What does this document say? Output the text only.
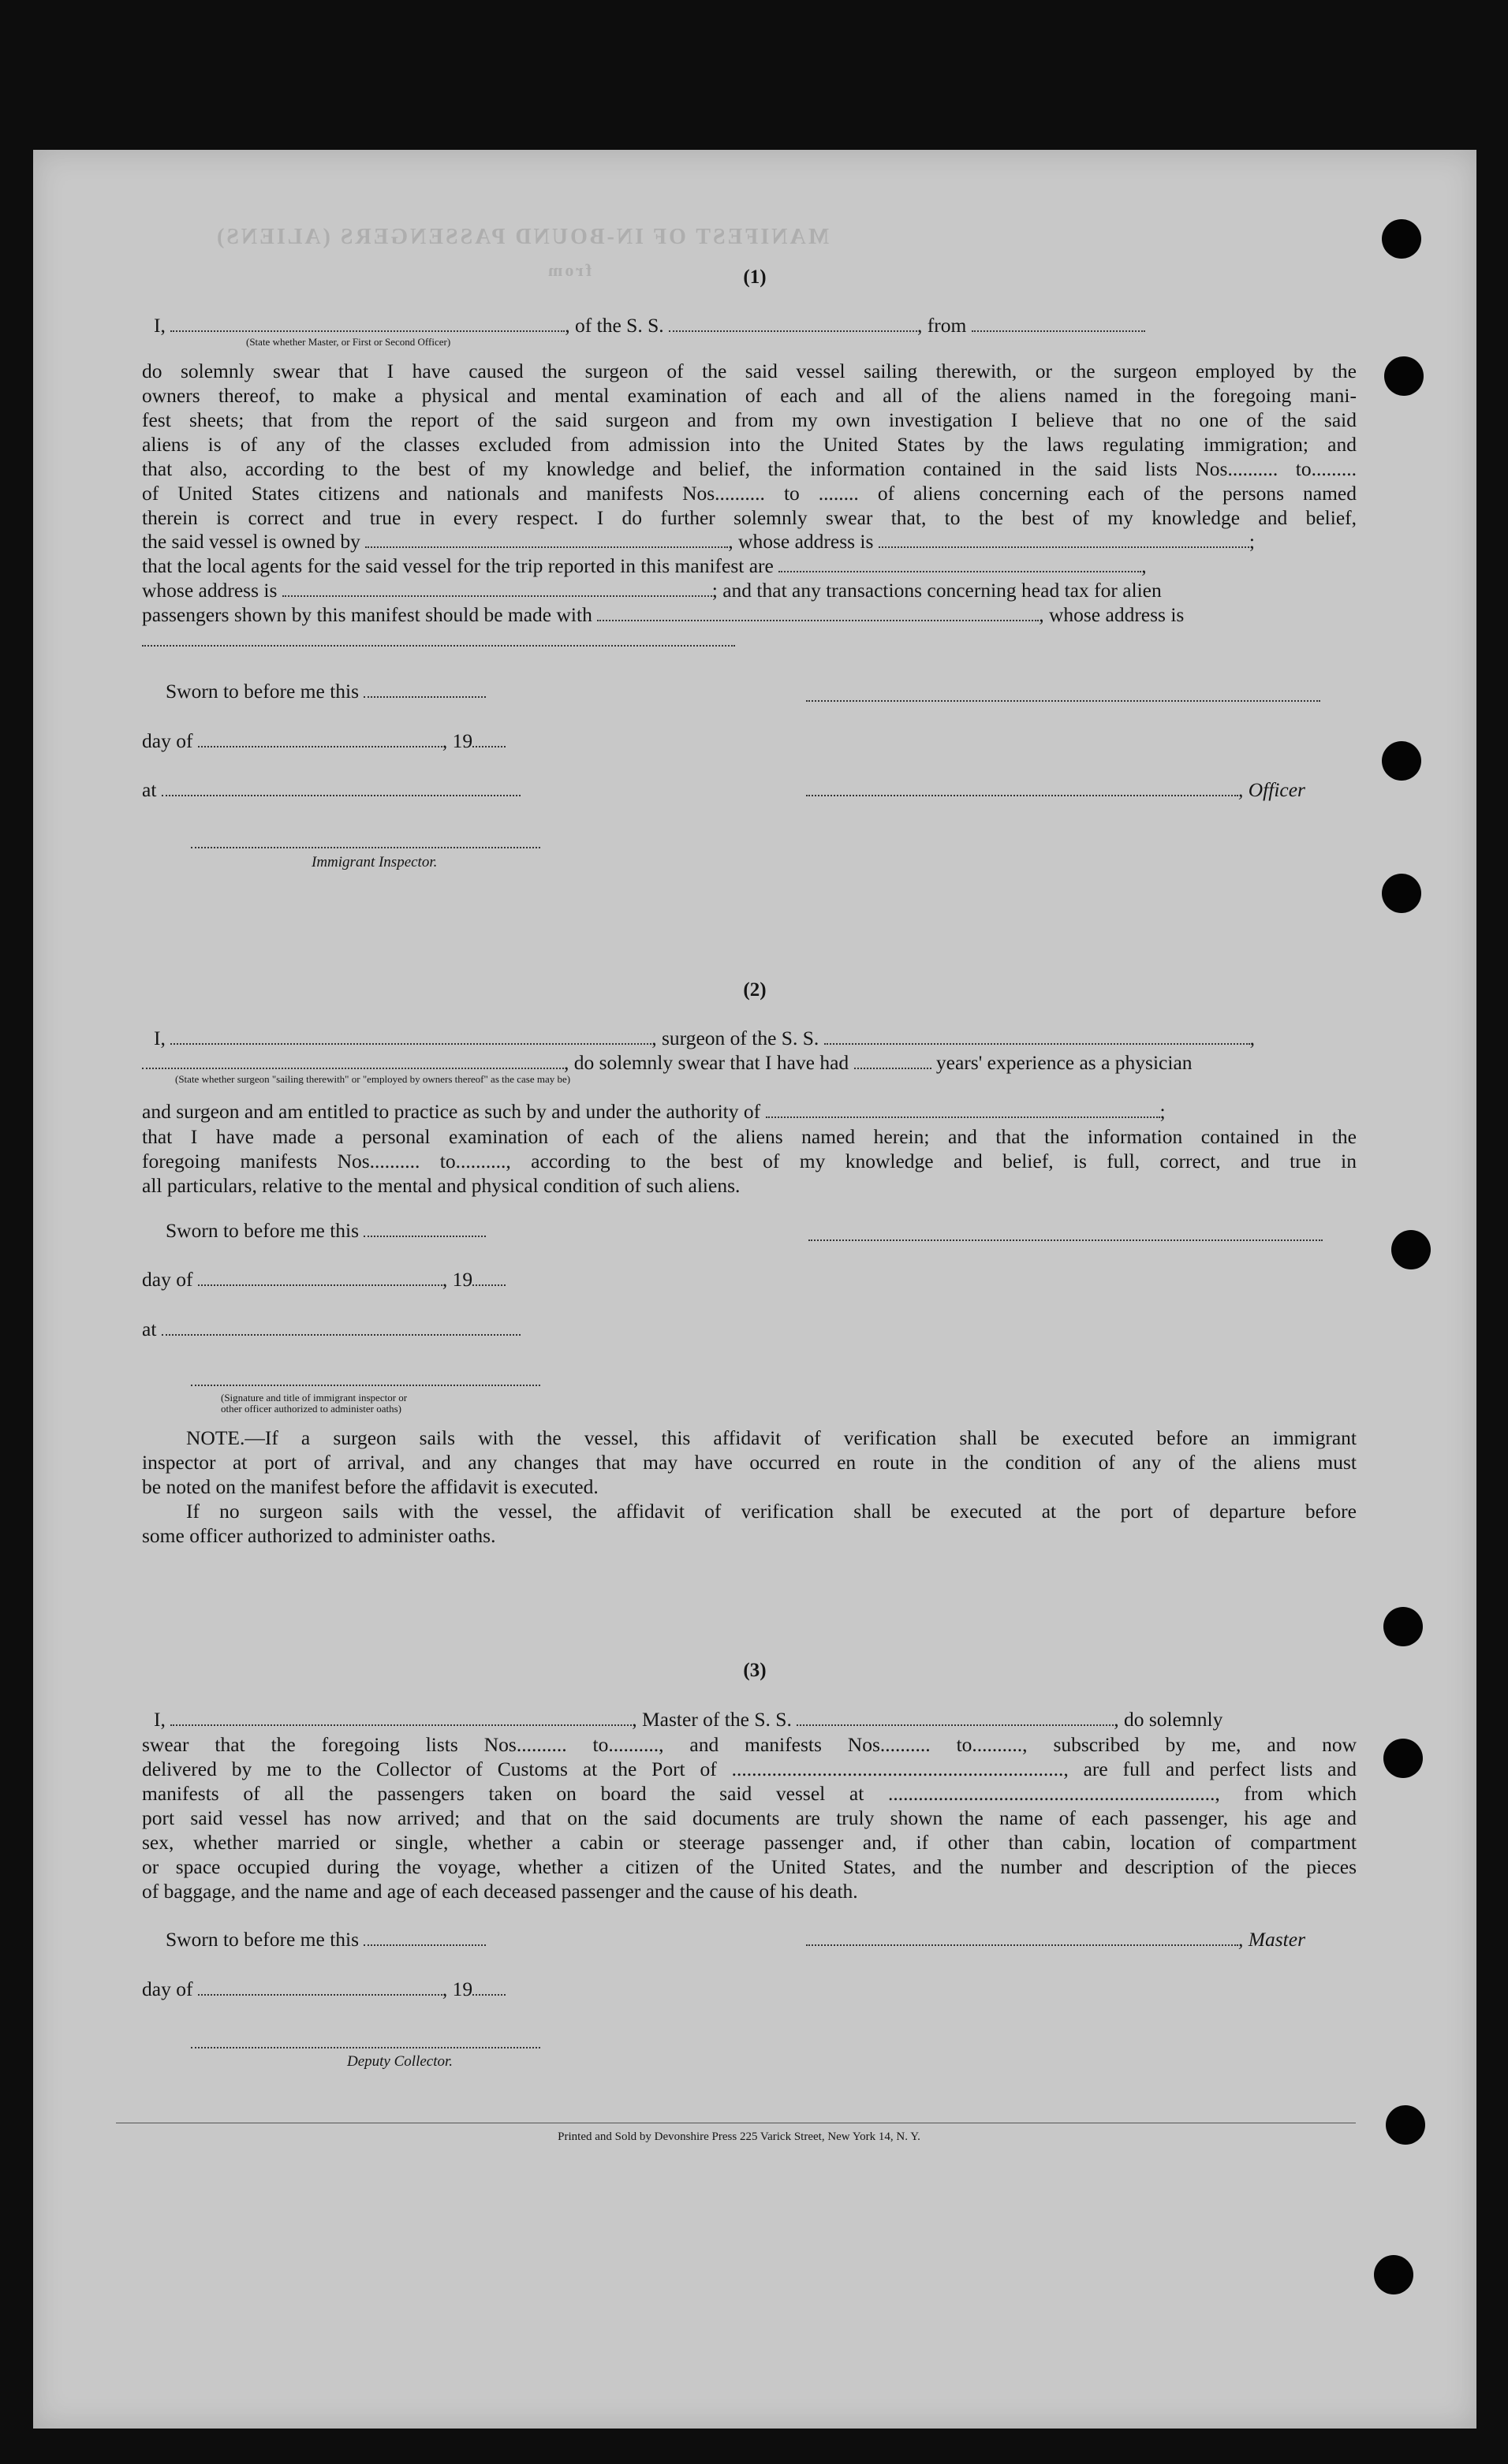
MANIFEST OF IN-BOUND PASSENGERS (ALIENS)
from	(1)
I,	, of the S. S.	, from
(State whether Master, or First or Second Officer)
do solemnly swear that I have caused the surgeon of the said vessel sailing therewith, or the surgeon employed by the
owners thereof, to make a physical and mental examination of each and all of the aliens named in the foregoing mani-
fest sheets; that from the report of the said surgeon and from my own investigation I believe that no one of the said
aliens is of any of the classes excluded from admission into the United States by the laws regulating immigration; and
that also, according to the best of my knowledge and belief, the information contained in the said lists Nos.......... to.........
of United States citizens and nationals and manifests Nos.......... to ........ of aliens concerning each of the persons named
therein is correct and true in every respect. I do further solemnly swear that, to the best of my knowledge and belief,
the said vessel is owned by	, whose address is	;
that the local agents for the said vessel for the trip reported in this manifest are	,
whose address is	; and that any transactions concerning head tax for alien
passengers shown by this manifest should be made with	, whose address is
Sworn to before me this
day of	, 19
at	, Officer
Immigrant Inspector.
(2)
I,	, surgeon of the S. S.	,
, do solemnly swear that I have had	years' experience as a physician
(State whether surgeon "sailing therewith" or "employed by owners thereof" as the case may be)
and surgeon and am entitled to practice as such by and under the authority of	;
that I have made a personal examination of each of the aliens named herein; and that the information contained in the
foregoing manifests Nos.......... to.........., according to the best of my knowledge and belief, is full, correct, and true in
all particulars, relative to the mental and physical condition of such aliens.
Sworn to before me this
day of	, 19
at
(Signature and title of immigrant inspector or
other officer authorized to administer oaths)
NOTE.—If a surgeon sails with the vessel, this affidavit of verification shall be executed before an immigrant
inspector at port of arrival, and any changes that may have occurred en route in the condition of any of the aliens must
be noted on the manifest before the affidavit is executed.
If no surgeon sails with the vessel, the affidavit of verification shall be executed at the port of departure before
some officer authorized to administer oaths.
(3)
I,	, Master of the S. S.	, do solemnly
swear that the foregoing lists Nos.......... to.........., and manifests Nos.......... to.........., subscribed by me, and now
delivered by me to the Collector of Customs at the Port of .................................................................., are full and perfect lists and
manifests of all the passengers taken on board the said vessel at ................................................................., from which
port said vessel has now arrived; and that on the said documents are truly shown the name of each passenger, his age and
sex, whether married or single, whether a cabin or steerage passenger and, if other than cabin, location of compartment
or space occupied during the voyage, whether a citizen of the United States, and the number and description of the pieces
of baggage, and the name and age of each deceased passenger and the cause of his death.
Sworn to before me this	, Master
day of	, 19
Deputy Collector.
Printed and Sold by Devonshire Press 225 Varick Street, New York 14, N. Y.
